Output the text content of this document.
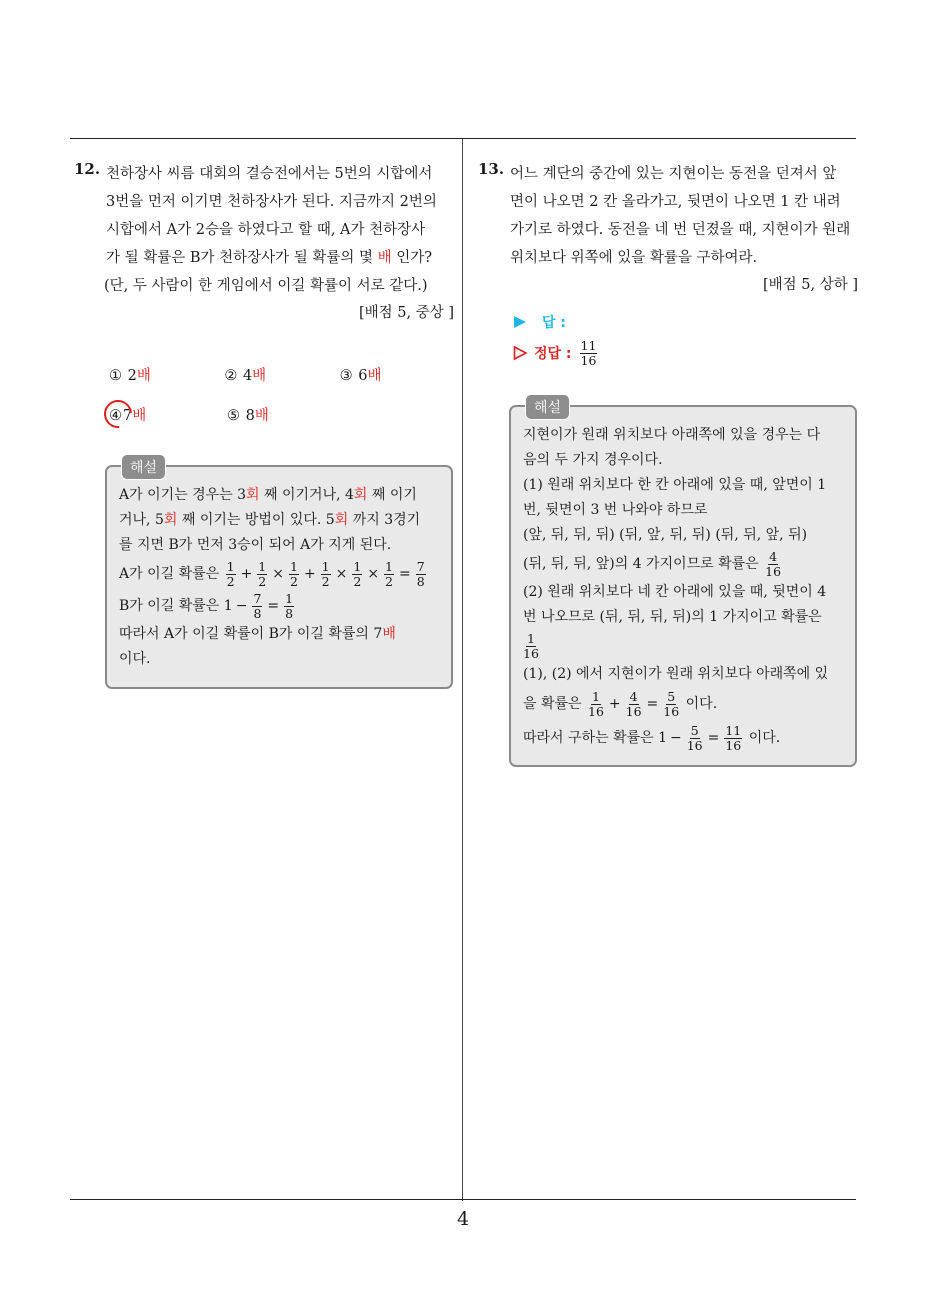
4
12. 천하장사 씨름 대회의 결승전에서는 5번의 시합에서
3번을 먼저 이기면 천하장사가 된다. 지금까지 2번의
시합에서 A가 2승을 하였다고 할 때, A가 천하장사
가 될 확률은 B가 천하장사가 될 확률의 몇 배 인가?
(단, 두 사람이 한 게임에서 이길 확률이 서로 같다.)
[배점 5, 중상 ]
① 2배	② 4배	③ 6배
④7배	⑤ 8배
해설
A가 이기는 경우는 3회 째 이기거나, 4회 째 이기
거나, 5회 째 이기는 방법이 있다. 5회 까지 3경기
를 지면 B가 먼저 3승이 되어 A가 지게 된다.
A가 이길 확률은 $\frac{1}{2} + \frac{1}{2} \times \frac{1}{2} + \frac{1}{2} \times \frac{1}{2} \times \frac{1}{2} = \frac{7}{8}$
B가 이길 확률은 $1 - \frac{7}{8} = \frac{1}{8}$
따라서 A가 이길 확률이 B가 이길 확률의 7배
이다.
13. 어느 계단의 중간에 있는 지현이는 동전을 던져서 앞
면이 나오면 2 칸 올라가고, 뒷면이 나오면 1 칸 내려
가기로 하였다. 동전을 네 번 던졌을 때, 지현이가 원래
위치보다 위쪽에 있을 확률을 구하여라.
[배점 5, 상하 ]
답 :
정답 : $\frac{11}{16}$
해설
지현이가 원래 위치보다 아래쪽에 있을 경우는 다
음의 두 가지 경우이다.
(1) 원래 위치보다 한 칸 아래에 있을 때, 앞면이 1
번, 뒷면이 3 번 나와야 하므로
(앞, 뒤, 뒤, 뒤) (뒤, 앞, 뒤, 뒤) (뒤, 뒤, 앞, 뒤)
(뒤, 뒤, 뒤, 앞)의 4 가지이므로 확률은 $\frac{4}{16}$
(2) 원래 위치보다 네 칸 아래에 있을 때, 뒷면이 4
번 나오므로 (뒤, 뒤, 뒤, 뒤)의 1 가지이고 확률은
$\frac{1}{16}$
(1), (2) 에서 지현이가 원래 위치보다 아래쪽에 있
을 확률은 $\frac{1}{16} + \frac{4}{16} = \frac{5}{16}$ 이다.
따라서 구하는 확률은 $1 - \frac{5}{16} = \frac{11}{16}$ 이다.
